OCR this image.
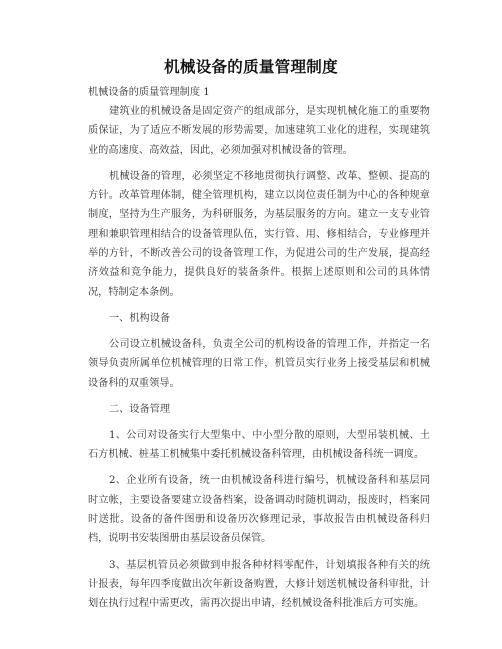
机械设备的质量管理制度
机械设备的质量管理制度 1

建筑业的机械设备是固定资产的组成部分，是实现机械化施工的重要物质保证，为了适应不断发展的形势需要，加速建筑工业化的进程，实现建筑业的高速度、高效益，因此，必须加强对机械设备的管理。

机械设备的管理，必须坚定不移地贯彻执行调整、改革、整顿、提高的方针。改革管理体制，健全管理机构，建立以岗位责任制为中心的各种规章制度，坚持为生产服务，为科研服务，为基层服务的方向。建立一支专业管理和兼职管理相结合的设备管理队伍，实行管、用、修相结合，专业修理并举的方针，不断改善公司的设备管理工作，为促进公司的生产发展，提高经济效益和竞争能力，提供良好的装备条件。根据上述原则和公司的具体情况，特制定本条例。

一、机构设备

公司设立机械设备科，负责全公司的机构设备的管理工作，并指定一名领导负责所属单位机械管理的日常工作，机管员实行业务上接受基层和机械设备科的双重领导。

二、设备管理

1、公司对设备实行大型集中、中小型分散的原则，大型吊装机械、土石方机械、桩基工机械集中委托机械设备科管理，由机械设备科统一调度。

2、企业所有设备，统一由机械设备科进行编号，机械设备科和基层同时立帐，主要设备要建立设备档案，设备调动时随机调动，报废时，档案同时送批。设备的备件图册和设备历次修理记录，事故报告由机械设备科归档，说明书安装图册由基层设备员保管。

3、基层机管员必须做到申报各种材料零配件，计划填报各种有关的统计报表，每年四季度做出次年新设备购置，大修计划送机械设备科审批，计划在执行过程中需更改，需再次提出申请，经机械设备科批准后方可实施。
